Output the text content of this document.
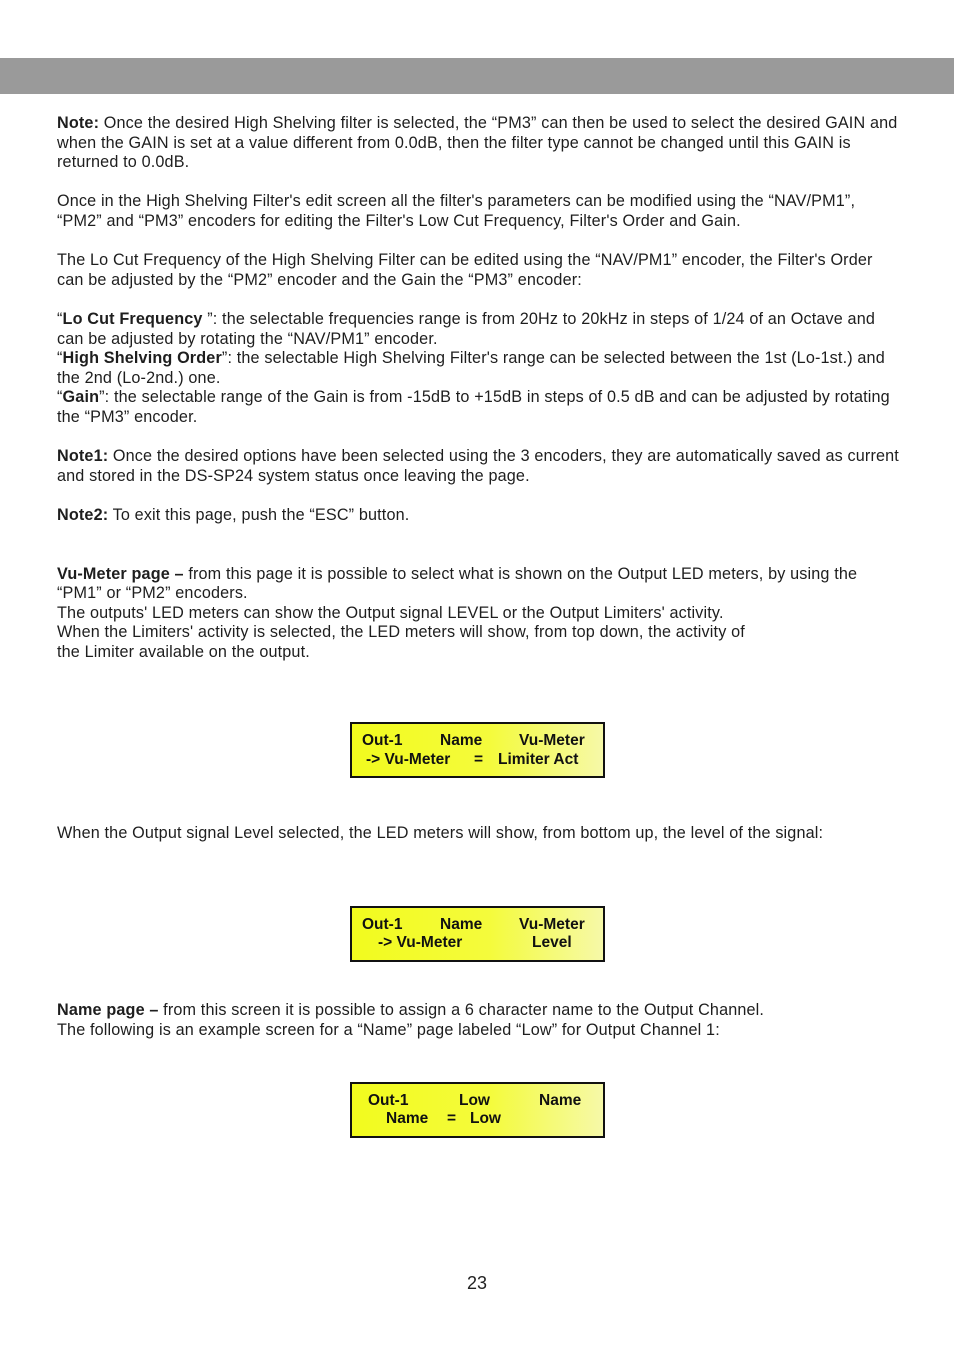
Note: Once the desired High Shelving filter is selected, the “PM3” can then be used to select the desired GAIN and when the GAIN is set at a value different from 0.0dB, then the filter type cannot be changed until this GAIN is returned to 0.0dB.

Once in the High Shelving Filter's edit screen all the filter's parameters can be modified using the “NAV/PM1”, “PM2” and “PM3” encoders for editing the Filter's Low Cut Frequency, Filter's Order and Gain.

The Lo Cut Frequency of the High Shelving Filter can be edited using the “NAV/PM1” encoder, the Filter's Order can be adjusted by the “PM2” encoder and the Gain the “PM3” encoder:

“Lo Cut Frequency ”: the selectable frequencies range is from 20Hz to 20kHz in steps of 1/24 of an Octave and can be adjusted by rotating the “NAV/PM1” encoder.

“High Shelving Order”: the selectable High Shelving Filter's range can be selected between the 1st (Lo-1st.) and the 2nd (Lo-2nd.) one.

“Gain”: the selectable range of the Gain is from -15dB to +15dB in steps of 0.5 dB and can be adjusted by rotating the “PM3” encoder.

Note1: Once the desired options have been selected using the 3 encoders, they are automatically saved as current and stored in the DS-SP24 system status once leaving the page.

Note2: To exit this page, push the “ESC” button.

Vu-Meter page – from this page it is possible to select what is shown on the Output LED meters, by using the “PM1” or “PM2” encoders.

The outputs' LED meters can show the Output signal LEVEL or the Output Limiters' activity.

When the Limiters' activity is selected, the LED meters will show, from top down, the activity of

the Limiter available on the output.

Out-1 Name Vu-Meter
-> Vu-Meter = Limiter Act

When the Output signal Level selected, the LED meters will show, from bottom up, the level of the signal:

Out-1 Name Vu-Meter
-> Vu-Meter	Level

Name page – from this screen it is possible to assign a 6 character name to the Output Channel.

The following is an example screen for a “Name” page labeled “Low” for Output Channel 1:

Out-1	Low	Name
Name = Low
23
